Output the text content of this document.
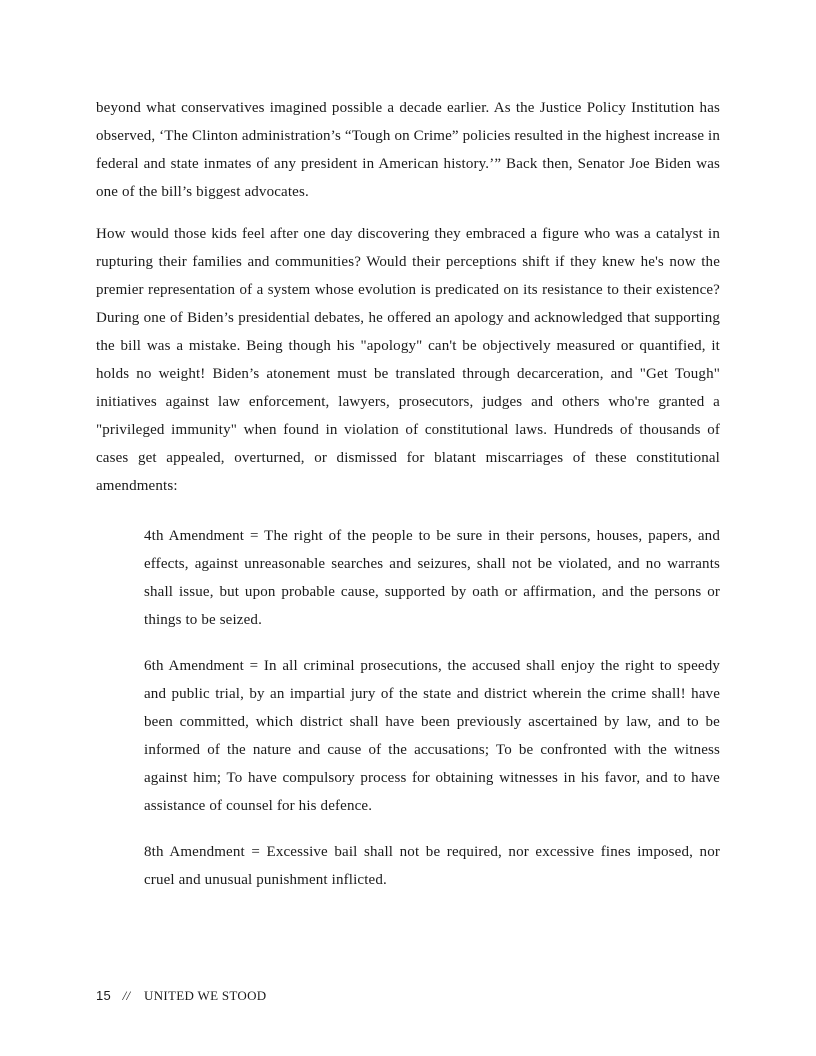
beyond what conservatives imagined possible a decade earlier. As the Justice Policy Institution has observed, ‘The Clinton administration’s “Tough on Crime” policies resulted in the highest increase in federal and state inmates of any president in American history.’” Back then, Senator Joe Biden was one of the bill’s biggest advocates.

How would those kids feel after one day discovering they embraced a figure who was a catalyst in rupturing their families and communities? Would their perceptions shift if they knew he's now the premier representation of a system whose evolution is predicated on its resistance to their existence? During one of Biden’s presidential debates, he offered an apology and acknowledged that supporting the bill was a mistake. Being though his "apology" can't be objectively measured or quantified, it holds no weight! Biden’s atonement must be translated through decarceration, and "Get Tough" initiatives against law enforcement, lawyers, prosecutors, judges and others who're granted a "privileged immunity" when found in violation of constitutional laws. Hundreds of thousands of cases get appealed, overturned, or dismissed for blatant miscarriages of these constitutional amendments:

4th Amendment = The right of the people to be sure in their persons, houses, papers, and effects, against unreasonable searches and seizures, shall not be violated, and no warrants shall issue, but upon probable cause, supported by oath or affirmation, and the persons or things to be seized.

6th Amendment = In all criminal prosecutions, the accused shall enjoy the right to speedy and public trial, by an impartial jury of the state and district wherein the crime shall! have been committed, which district shall have been previously ascertained by law, and to be informed of the nature and cause of the accusations; To be confronted with the witness against him; To have compulsory process for obtaining witnesses in his favor, and to have assistance of counsel for his defence.

8th Amendment = Excessive bail shall not be required, nor excessive fines imposed, nor cruel and unusual punishment inflicted.

15 // UNITED WE STOOD
